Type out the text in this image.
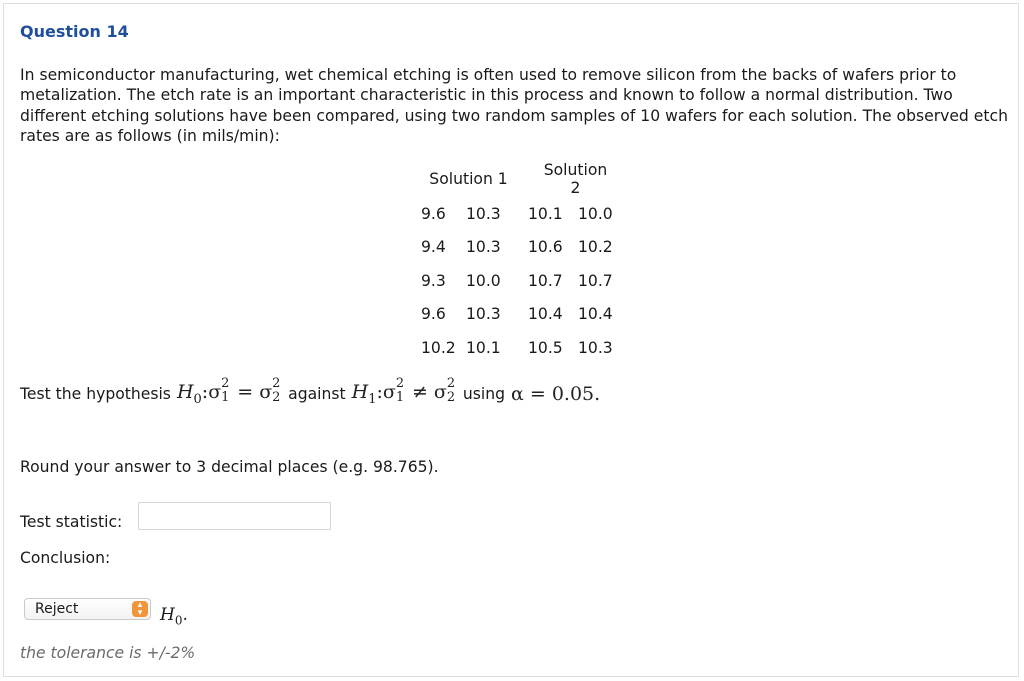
Question 14

In semiconductor manufacturing, wet chemical etching is often used to remove silicon from the backs of wafers prior to metalization. The etch rate is an important characteristic in this process and known to follow a normal distribution. Two different etching solutions have been compared, using two random samples of 10 wafers for each solution. The observed etch rates are as follows (in mils/min):

Solution 1		Solution 2	
9.6	10.3	10.1	10.0
9.4	10.3	10.6	10.2
9.3	10.0	10.7	10.7
9.6	10.3	10.4	10.4
10.2	10.1	10.5	10.3
Test the hypothesis $H_0:\sigma$ 2
1 = σ 2
2 against $H_1:\sigma$ 2
1 ≠ σ 2
2 using α = 0.05.

Round your answer to 3 decimal places (e.g. 98.765).

Test statistic:

Conclusion:

Reject	▴
▾	$H_0$.

the tolerance is +/-2%
